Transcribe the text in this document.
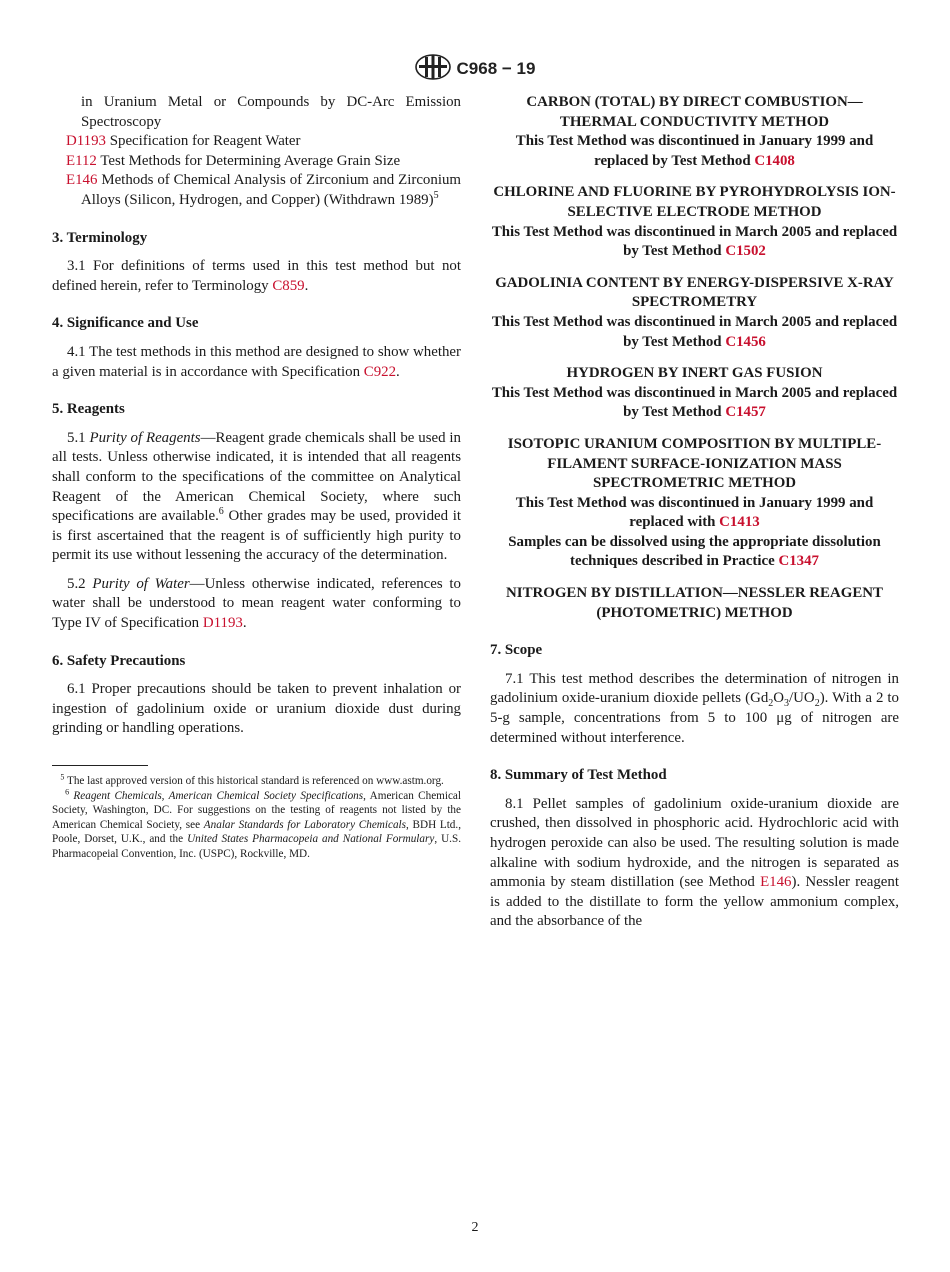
C968 − 19

in Uranium Metal or Compounds by DC-Arc Emission Spectroscopy

D1193 Specification for Reagent Water

E112 Test Methods for Determining Average Grain Size

E146 Methods of Chemical Analysis of Zirconium and Zirconium Alloys (Silicon, Hydrogen, and Copper) (Withdrawn 1989)$^5$

3. Terminology

3.1 For definitions of terms used in this test method but not defined herein, refer to Terminology C859.

4. Significance and Use

4.1 The test methods in this method are designed to show whether a given material is in accordance with Specification C922.

5. Reagents

5.1 Purity of Reagents—Reagent grade chemicals shall be used in all tests. Unless otherwise indicated, it is intended that all reagents shall conform to the specifications of the committee on Analytical Reagent of the American Chemical Society, where such specifications are available.$^6$ Other grades may be used, provided it is first ascertained that the reagent is of sufficiently high purity to permit its use without lessening the accuracy of the determination.

5.2 Purity of Water—Unless otherwise indicated, references to water shall be understood to mean reagent water conforming to Type IV of Specification D1193.

6. Safety Precautions

6.1 Proper precautions should be taken to prevent inhalation or ingestion of gadolinium oxide or uranium dioxide dust during grinding or handling operations.

$^5$ The last approved version of this historical standard is referenced on www.astm.org.

$^6$ Reagent Chemicals, American Chemical Society Specifications, American Chemical Society, Washington, DC. For suggestions on the testing of reagents not listed by the American Chemical Society, see Analar Standards for Laboratory Chemicals, BDH Ltd., Poole, Dorset, U.K., and the United States Pharmacopeia and National Formulary, U.S. Pharmacopeial Convention, Inc. (USPC), Rockville, MD.

CARBON (TOTAL) BY DIRECT COMBUSTION—THERMAL CONDUCTIVITY METHOD

This Test Method was discontinued in January 1999 and replaced by Test Method C1408

CHLORINE AND FLUORINE BY PYROHYDROLYSIS ION-SELECTIVE ELECTRODE METHOD

This Test Method was discontinued in March 2005 and replaced by Test Method C1502

GADOLINIA CONTENT BY ENERGY-DISPERSIVE X-RAY SPECTROMETRY

This Test Method was discontinued in March 2005 and replaced by Test Method C1456

HYDROGEN BY INERT GAS FUSION

This Test Method was discontinued in March 2005 and replaced by Test Method C1457

ISOTOPIC URANIUM COMPOSITION BY MULTIPLE-FILAMENT SURFACE-IONIZATION MASS SPECTROMETRIC METHOD

This Test Method was discontinued in January 1999 and replaced with C1413

Samples can be dissolved using the appropriate dissolution techniques described in Practice C1347

NITROGEN BY DISTILLATION—NESSLER REAGENT (PHOTOMETRIC) METHOD

7. Scope

7.1 This test method describes the determination of nitrogen in gadolinium oxide-uranium dioxide pellets $(Gd_2O_3/UO_2)$. With a 2 to 5-g sample, concentrations from 5 to 100 μg of nitrogen are determined without interference.

8. Summary of Test Method

8.1 Pellet samples of gadolinium oxide-uranium dioxide are crushed, then dissolved in phosphoric acid. Hydrochloric acid with hydrogen peroxide can also be used. The resulting solution is made alkaline with sodium hydroxide, and the nitrogen is separated as ammonia by steam distillation (see Method E146). Nessler reagent is added to the distillate to form the yellow ammonium complex, and the absorbance of the

2
